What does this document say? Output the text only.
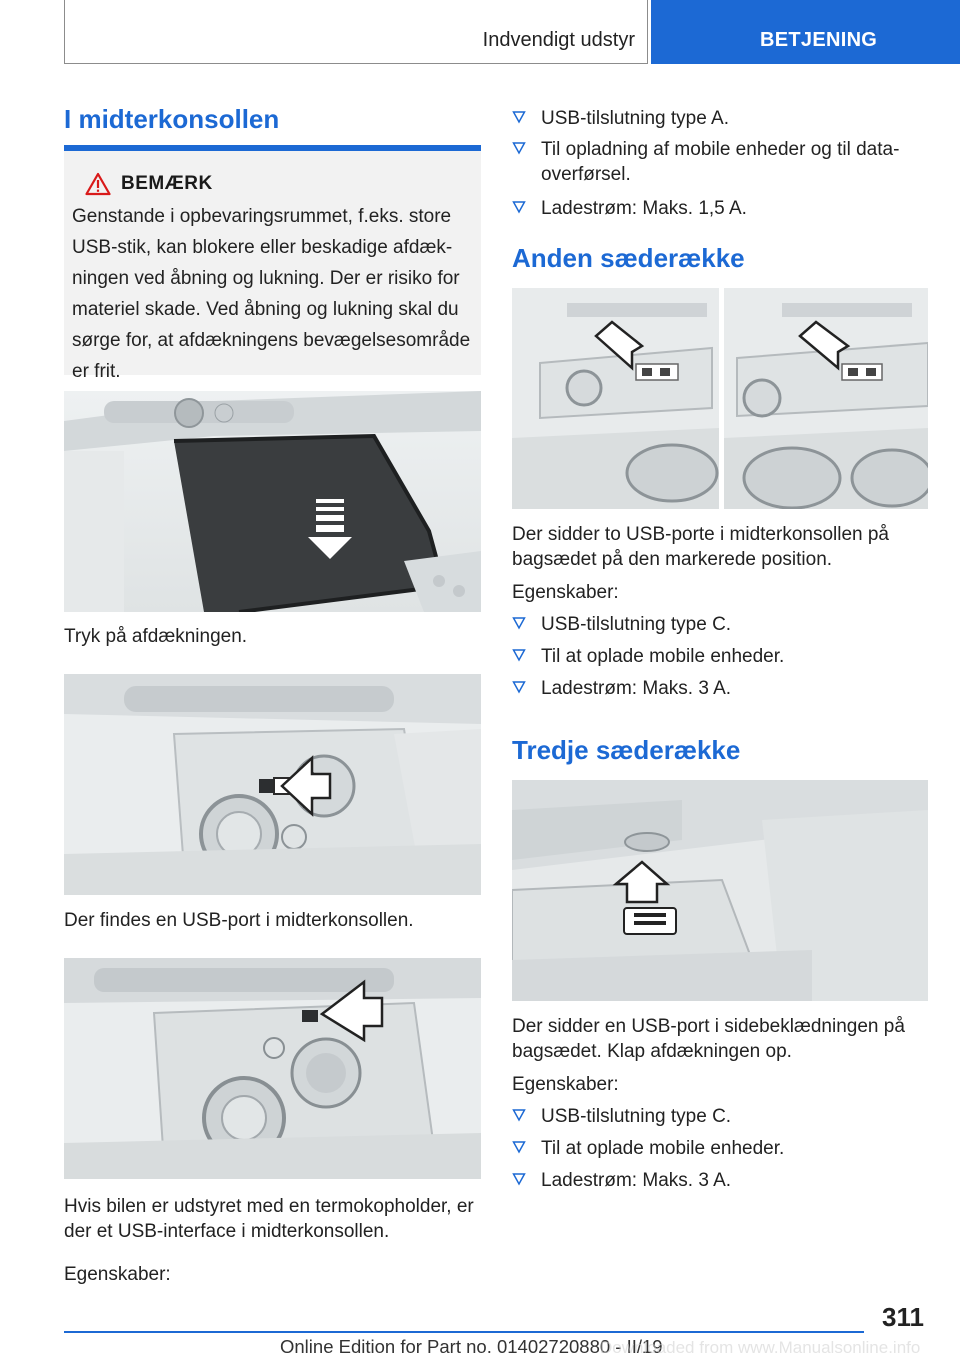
Indvendigt udstyr	BETJENING
I midterkonsollen
BEMÆRK
Genstande i opbevaringsrummet, f.eks. store
USB-stik, kan blokere eller beskadige afdæk-
ningen ved åbning og lukning. Der er risiko for
materiel skade. Ved åbning og lukning skal du
sørge for, at afdækningens bevægelsesområde
er frit.

Tryk på afdækningen.

Der findes en USB-port i midterkonsollen.

Hvis bilen er udstyret med en termokopholder, er
der et USB-interface i midterkonsollen.

Egenskaber:

USB-tilslutning type A.
Til opladning af mobile enheder og til data-
overførsel.
Ladestrøm: Maks. 1,5 A.
Anden sæderække

Der sidder to USB-porte i midterkonsollen på
bagsædet på den markerede position.

Egenskaber:

USB-tilslutning type C.
Til at oplade mobile enheder.
Ladestrøm: Maks. 3 A.
Tredje sæderække

Der sidder en USB-port i sidebeklædningen på
bagsædet. Klap afdækningen op.

Egenskaber:

USB-tilslutning type C.
Til at oplade mobile enheder.
Ladestrøm: Maks. 3 A.
311
Online Edition for Part no. 01402720880 - II/19
Downloaded from www.Manualsonline.info
